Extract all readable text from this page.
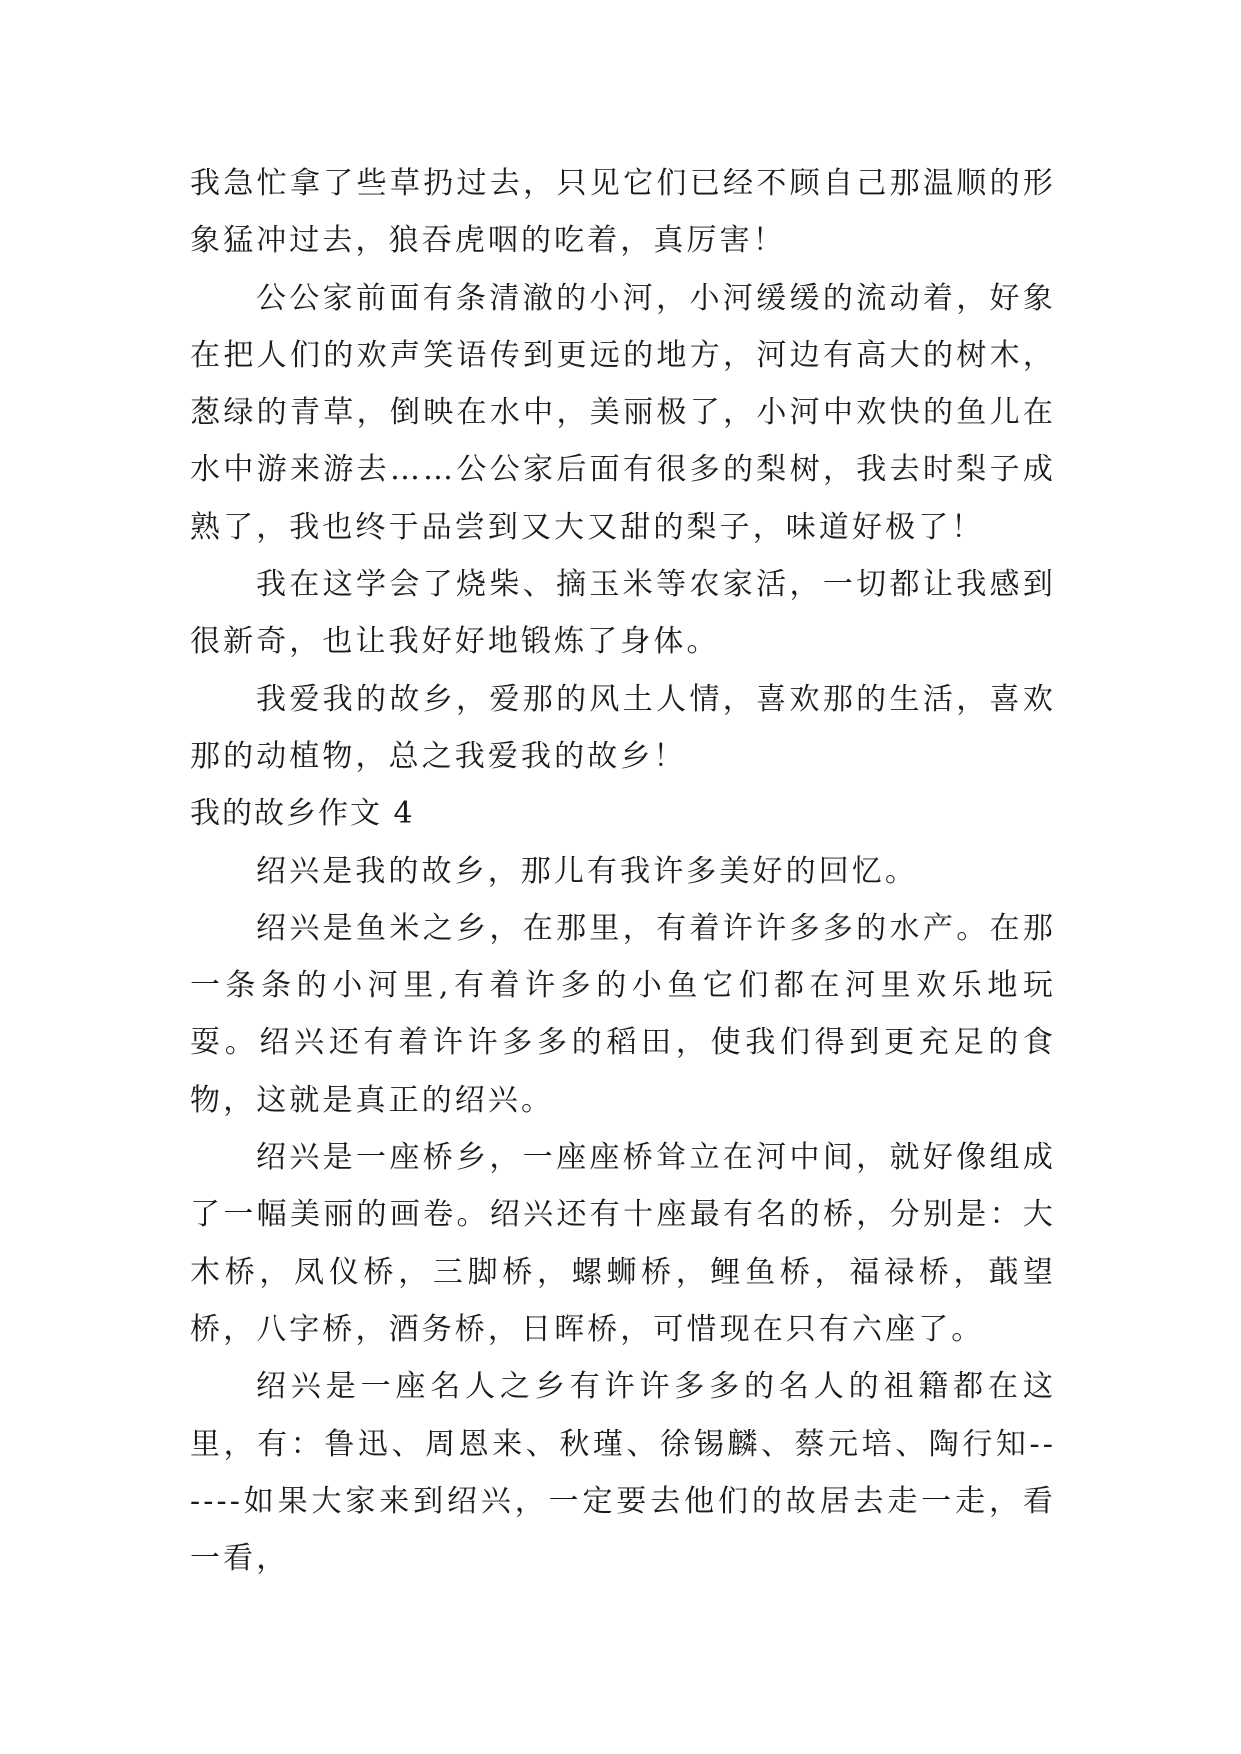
我急忙拿了些草扔过去，只见它们已经不顾自己那温顺的形象猛冲过去，狼吞虎咽的吃着，真厉害！

公公家前面有条清澈的小河，小河缓缓的流动着，好象在把人们的欢声笑语传到更远的地方，河边有高大的树木，葱绿的青草，倒映在水中，美丽极了，小河中欢快的鱼儿在水中游来游去……公公家后面有很多的梨树，我去时梨子成熟了，我也终于品尝到又大又甜的梨子，味道好极了！

我在这学会了烧柴、摘玉米等农家活，一切都让我感到很新奇，也让我好好地锻炼了身体。

我爱我的故乡，爱那的风土人情，喜欢那的生活，喜欢那的动植物，总之我爱我的故乡！

我的故乡作文 4

绍兴是我的故乡，那儿有我许多美好的回忆。

绍兴是鱼米之乡，在那里，有着许许多多的水产。在那一条条的小河里,有着许多的小鱼它们都在河里欢乐地玩耍。绍兴还有着许许多多的稻田，使我们得到更充足的食物，这就是真正的绍兴。

绍兴是一座桥乡，一座座桥耸立在河中间，就好像组成了一幅美丽的画卷。绍兴还有十座最有名的桥，分别是：大木桥，凤仪桥，三脚桥，螺蛳桥，鲤鱼桥，福禄桥，蕺望桥，八字桥，酒务桥，日晖桥，可惜现在只有六座了。

绍兴是一座名人之乡有许许多多的名人的祖籍都在这里，有：鲁迅、周恩来、秋瑾、徐锡麟、蔡元培、陶行知------如果大家来到绍兴，一定要去他们的故居去走一走，看一看，
